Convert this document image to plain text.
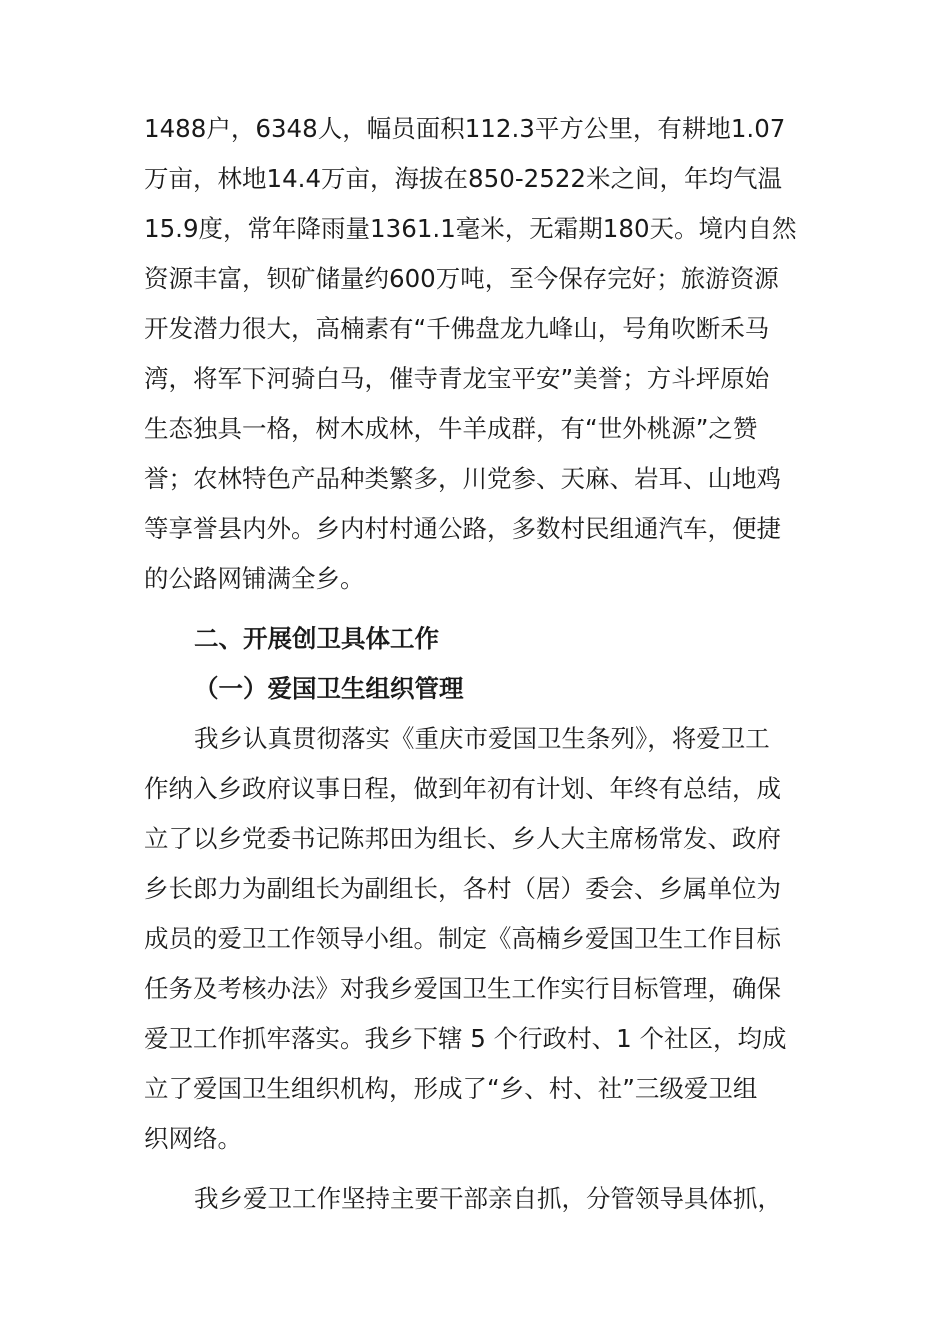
1488户，6348人，幅员面积112.3平方公里，有耕地1.07
万亩，林地14.4万亩，海拔在850-2522米之间，年均气温
15.9度，常年降雨量1361.1毫米，无霜期180天。境内自然
资源丰富，钡矿储量约600万吨，至今保存完好；旅游资源
开发潜力很大，高楠素有“千佛盘龙九峰山，号角吹断禾马
湾，将军下河骑白马，催寺青龙宝平安”美誉；方斗坪原始
生态独具一格，树木成林，牛羊成群，有“世外桃源”之赞
誉；农林特色产品种类繁多，川党参、天麻、岩耳、山地鸡
等享誉县内外。乡内村村通公路，多数村民组通汽车，便捷
的公路网铺满全乡。
二、开展创卫具体工作
（一）爱国卫生组织管理
我乡认真贯彻落实《重庆市爱国卫生条列》，将爱卫工
作纳入乡政府议事日程，做到年初有计划、年终有总结，成
立了以乡党委书记陈邦田为组长、乡人大主席杨常发、政府
乡长郎力为副组长为副组长，各村（居）委会、乡属单位为
成员的爱卫工作领导小组。制定《高楠乡爱国卫生工作目标
任务及考核办法》对我乡爱国卫生工作实行目标管理，确保
爱卫工作抓牢落实。我乡下辖 5 个行政村、1 个社区，均成
立了爱国卫生组织机构，形成了“乡、村、社”三级爱卫组
织网络。
我乡爱卫工作坚持主要干部亲自抓，分管领导具体抓，
